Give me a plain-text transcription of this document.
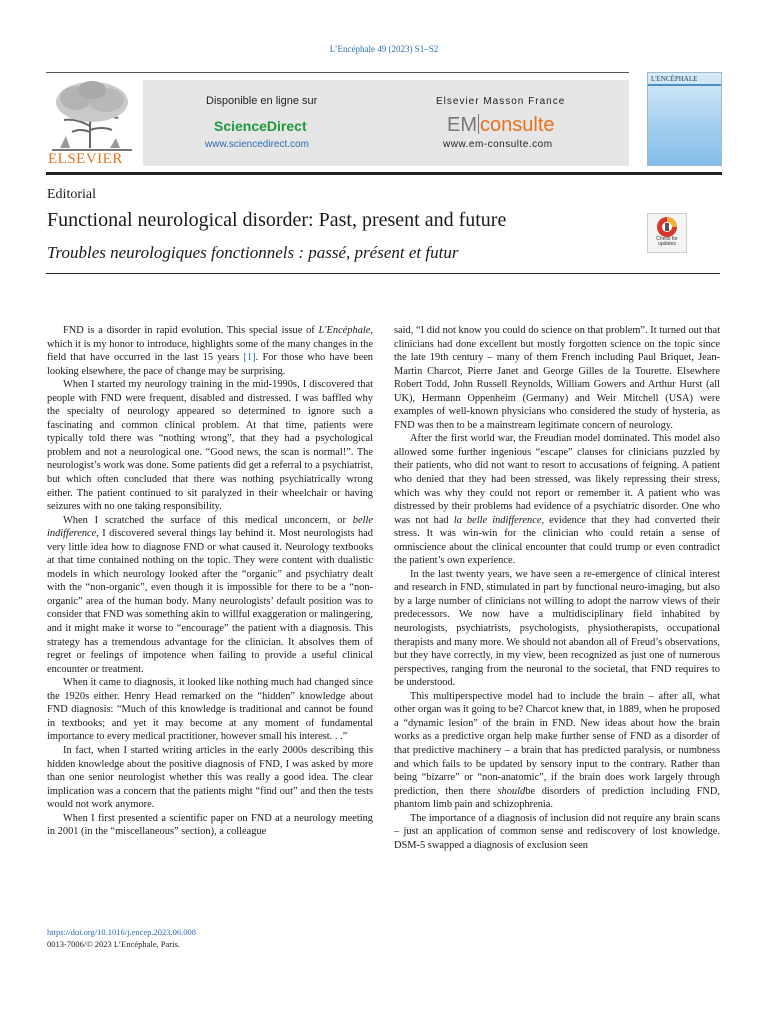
L’Encéphale 49 (2023) S1–S2
ELSEVIER
Disponible en ligne sur
ScienceDirect
www.sciencedirect.com
Elsevier Masson France
EM consulte
www.em-consulte.com
L'ENCÉPHALE
Editorial
Functional neurological disorder: Past, present and future
Troubles neurologiques fonctionnels : passé, présent et futur
Check for updates

FND is a disorder in rapid evolution. This special issue of L'Encéphale, which it is my honor to introduce, highlights some of the many changes in the field that have occurred in the last 15 years [1]. For those who have been looking elsewhere, the pace of change may be surprising.

When I started my neurology training in the mid-1990s, I discovered that people with FND were frequent, disabled and distressed. I was baffled why the specialty of neurology appeared so determined to ignore such a fascinating and common clinical problem. At that time, patients were typically told there was “nothing wrong”, that they had a psychological problem and not a neurological one. “Good news, the scan is normal!”. The neurologist’s work was done. Some patients did get a referral to a psychiatrist, but which often concluded that there was nothing psychiatrically wrong either. The patient continued to sit paralyzed in their wheelchair or having seizures with no one taking responsibility.

When I scratched the surface of this medical unconcern, or belle indifference, I discovered several things lay behind it. Most neurologists had very little idea how to diagnose FND or what caused it. Neurology textbooks at that time contained nothing on the topic. They were content with dualistic models in which neurology looked after the “organic” and psychiatry dealt with the “non-organic”, even though it is impossible for there to be a “non-organic” area of the human body. Many neurologists’ default position was to consider that FND was something akin to willful exaggeration or malingering, and it might make it worse to “encourage” the patient with a diagnosis. This strategy has a tremendous advantage for the clinician. It absolves them of regret or feelings of impotence when failing to provide a useful clinical encounter or treatment.

When it came to diagnosis, it looked like nothing much had changed since the 1920s either. Henry Head remarked on the “hidden” knowledge about FND diagnosis: “Much of this knowledge is traditional and cannot be found in textbooks; and yet it may become at any moment of fundamental importance to every medical practitioner, however small his interest. . .”

In fact, when I started writing articles in the early 2000s describing this hidden knowledge about the positive diagnosis of FND, I was asked by more than one senior neurologist whether this was really a good idea. The clear implication was a concern that the patients might “find out” and then the tests would not work anymore.

When I first presented a scientific paper on FND at a neurology meeting in 2001 (in the “miscellaneous” section), a colleague

said, “I did not know you could do science on that problem”. It turned out that clinicians had done excellent but mostly forgotten science on the topic since the late 19th century – many of them French including Paul Briquet, Jean-Martin Charcot, Pierre Janet and George Gilles de la Tourette. Elsewhere Robert Todd, John Russell Reynolds, William Gowers and Arthur Hurst (all UK), Hermann Oppenheim (Germany) and Weir Mitchell (USA) were examples of well-known physicians who considered the study of hysteria, as FND was then to be a mainstream legitimate concern of neurology.

After the first world war, the Freudian model dominated. This model also allowed some further ingenious “escape” clauses for clinicians puzzled by their patients, who did not want to resort to accusations of feigning. A patient who denied that they had been stressed, was likely repressing their stress, which was why they could not report or remember it. A patient who was distressed by their problems had evidence of a psychiatric disorder. One who was not had la belle indifference, evidence that they had converted their stress. It was win-win for the clinician who could retain a sense of omniscience about the clinical encounter that could trump or even contradict the patient’s own experience.

In the last twenty years, we have seen a re-emergence of clinical interest and research in FND, stimulated in part by functional neuro-imaging, but also by a large number of clinicians not willing to adopt the narrow views of their predecessors. We now have a multidisciplinary field inhabited by neurologists, psychiatrists, psychologists, physiotherapists, occupational therapists and many more. We should not abandon all of Freud’s observations, but they have correctly, in my view, been recognized as just one of numerous perspectives, ranging from the neuronal to the societal, that FND requires to be understood.

This multiperspective model had to include the brain – after all, what other organ was it going to be? Charcot knew that, in 1889, when he proposed a “dynamic lesion” of the brain in FND. New ideas about how the brain works as a predictive organ help make further sense of FND as a disorder of that predictive machinery – a brain that has predicted paralysis, or numbness and which fails to be updated by sensory input to the contrary. Rather than being “bizarre” or “non-anatomic”, if the brain does work largely through prediction, then there shouldbe disorders of prediction including FND, phantom limb pain and schizophrenia.

The importance of a diagnosis of inclusion did not require any brain scans – just an application of common sense and rediscovery of lost knowledge. DSM-5 swapped a diagnosis of exclusion seen

https://doi.org/10.1016/j.encep.2023.06.008
0013-7006/© 2023 L’Encéphale, Paris.
